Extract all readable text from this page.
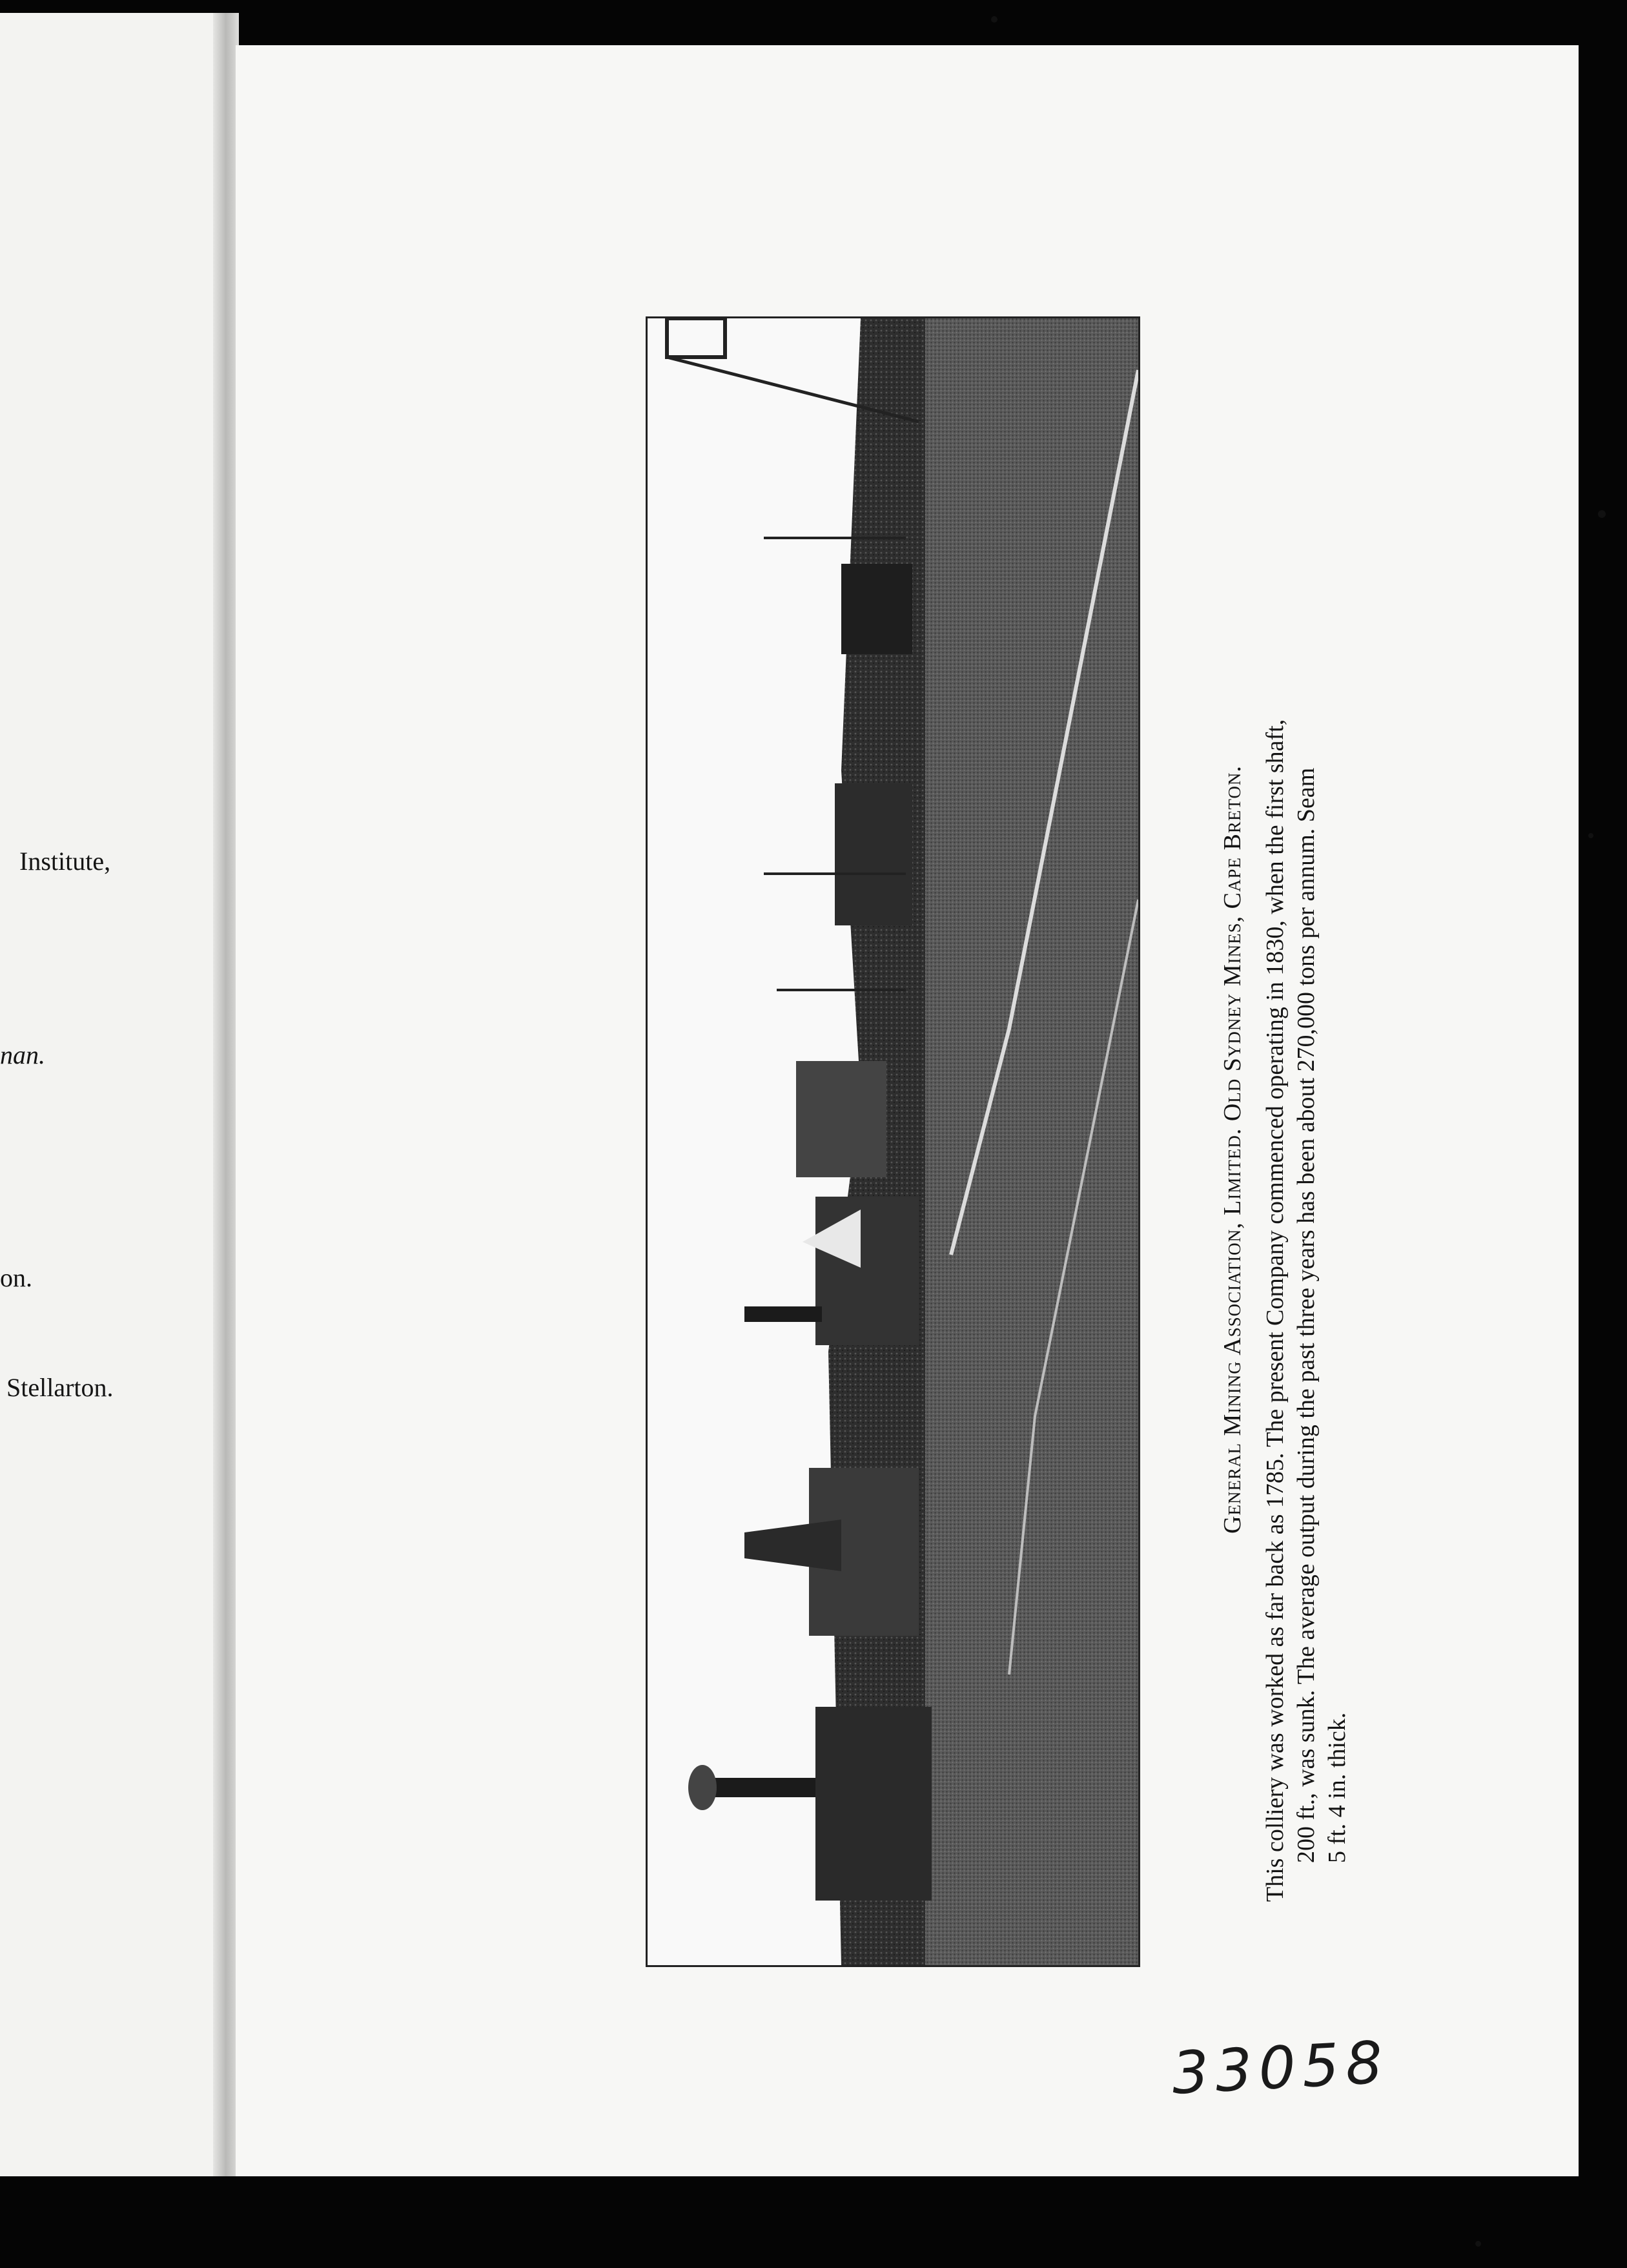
Institute,
nan.
on.
Stellarton.	General Mining Association, Limited. Old Sydney Mines, Cape Breton. This colliery was worked as far back as 1785. The present Company commenced operating in 1830, when the first shaft, 200 ft., was sunk. The average output during the past three years has been about 270,000 tons per annum. Seam 5 ft. 4 in. thick.
33058
